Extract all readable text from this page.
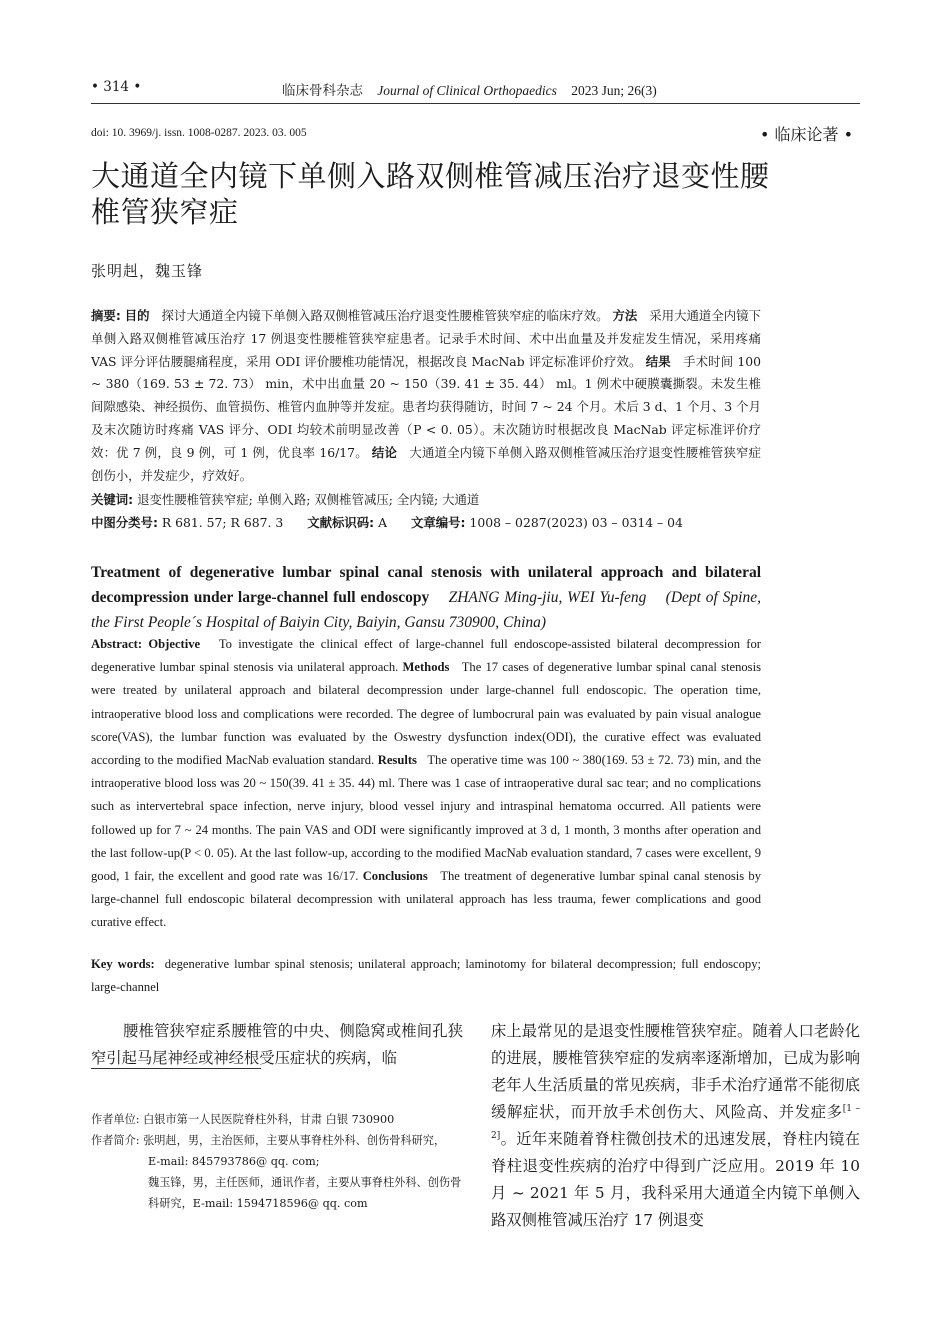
• 314 •	临床骨科杂志 Journal of Clinical Orthopaedics 2023 Jun; 26(3)
doi: 10. 3969/j. issn. 1008-0287. 2023. 03. 005	• 临床论著 •
大通道全内镜下单侧入路双侧椎管减压治疗退变性腰椎管狭窄症
张明赳，魏玉锋
摘要: 目的 探讨大通道全内镜下单侧入路双侧椎管减压治疗退变性腰椎管狭窄症的临床疗效。 方法 采用大通道全内镜下单侧入路双侧椎管减压治疗 17 例退变性腰椎管狭窄症患者。记录手术时间、术中出血量及并发症发生情况，采用疼痛 VAS 评分评估腰腿痛程度，采用 ODI 评价腰椎功能情况，根据改良 MacNab 评定标准评价疗效。 结果 手术时间 100 ~ 380（169. 53 ± 72. 73） min，术中出血量 20 ~ 150（39. 41 ± 35. 44） ml。1 例术中硬膜囊撕裂。未发生椎间隙感染、神经损伤、血管损伤、椎管内血肿等并发症。患者均获得随访，时间 7 ~ 24 个月。术后 3 d、1 个月、3 个月及末次随访时疼痛 VAS 评分、ODI 均较术前明显改善（P < 0. 05）。末次随访时根据改良 MacNab 评定标准评价疗效：优 7 例，良 9 例，可 1 例，优良率 16/17。 结论 大通道全内镜下单侧入路双侧椎管减压治疗退变性腰椎管狭窄症创伤小，并发症少，疗效好。
关键词: 退变性腰椎管狭窄症; 单侧入路; 双侧椎管减压; 全内镜; 大通道
中图分类号: R 681. 57; R 687. 3 文献标识码: A 文章编号: 1008 – 0287(2023) 03 – 0314 – 04
Treatment of degenerative lumbar spinal canal stenosis with unilateral approach and bilateral decompression under large-channel full endoscopy ZHANG Ming-jiu, WEI Yu-feng (Dept of Spine, the First People´s Hospital of Baiyin City, Baiyin, Gansu 730900, China)
Abstract: Objective To investigate the clinical effect of large-channel full endoscope-assisted bilateral decompression for degenerative lumbar spinal stenosis via unilateral approach. Methods The 17 cases of degenerative lumbar spinal canal stenosis were treated by unilateral approach and bilateral decompression under large-channel full endoscopic. The operation time, intraoperative blood loss and complications were recorded. The degree of lumbocrural pain was evaluated by pain visual analogue score(VAS), the lumbar function was evaluated by the Oswestry dysfunction index(ODI), the curative effect was evaluated according to the modified MacNab evaluation standard. Results The operative time was 100 ~ 380(169. 53 ± 72. 73) min, and the intraoperative blood loss was 20 ~ 150(39. 41 ± 35. 44) ml. There was 1 case of intraoperative dural sac tear; and no complications such as intervertebral space infection, nerve injury, blood vessel injury and intraspinal hematoma occurred. All patients were followed up for 7 ~ 24 months. The pain VAS and ODI were significantly improved at 3 d, 1 month, 3 months after operation and the last follow-up(P < 0. 05). At the last follow-up, according to the modified MacNab evaluation standard, 7 cases were excellent, 9 good, 1 fair, the excellent and good rate was 16/17. Conclusions The treatment of degenerative lumbar spinal canal stenosis by large-channel full endoscopic bilateral decompression with unilateral approach has less trauma, fewer complications and good curative effect.
Key words: degenerative lumbar spinal stenosis; unilateral approach; laminotomy for bilateral decompression; full endoscopy; large-channel
腰椎管狭窄症系腰椎管的中央、侧隐窝或椎间孔狭窄引起马尾神经或神经根受压症状的疾病，临
作者单位:
白银市第一人民医院脊柱外科，甘肃 白银 730900
作者简介:
张明赳，男，主治医师，主要从事脊柱外科、创伤骨科研究，
E-mail: 845793786@ qq. com;
魏玉锋，男，主任医师，通讯作者，主要从事脊柱外科、创伤骨科研究，E-mail: 1594718596@ qq. com
床上最常见的是退变性腰椎管狭窄症。随着人口老龄化的进展，腰椎管狭窄症的发病率逐渐增加，已成为影响老年人生活质量的常见疾病，非手术治疗通常不能彻底缓解症状，而开放手术创伤大、风险高、并发症多[1 – 2]。近年来随着脊柱微创技术的迅速发展，脊柱内镜在脊柱退变性疾病的治疗中得到广泛应用。2019 年 10 月 ~ 2021 年 5 月，我科采用大通道全内镜下单侧入路双侧椎管减压治疗 17 例退变
